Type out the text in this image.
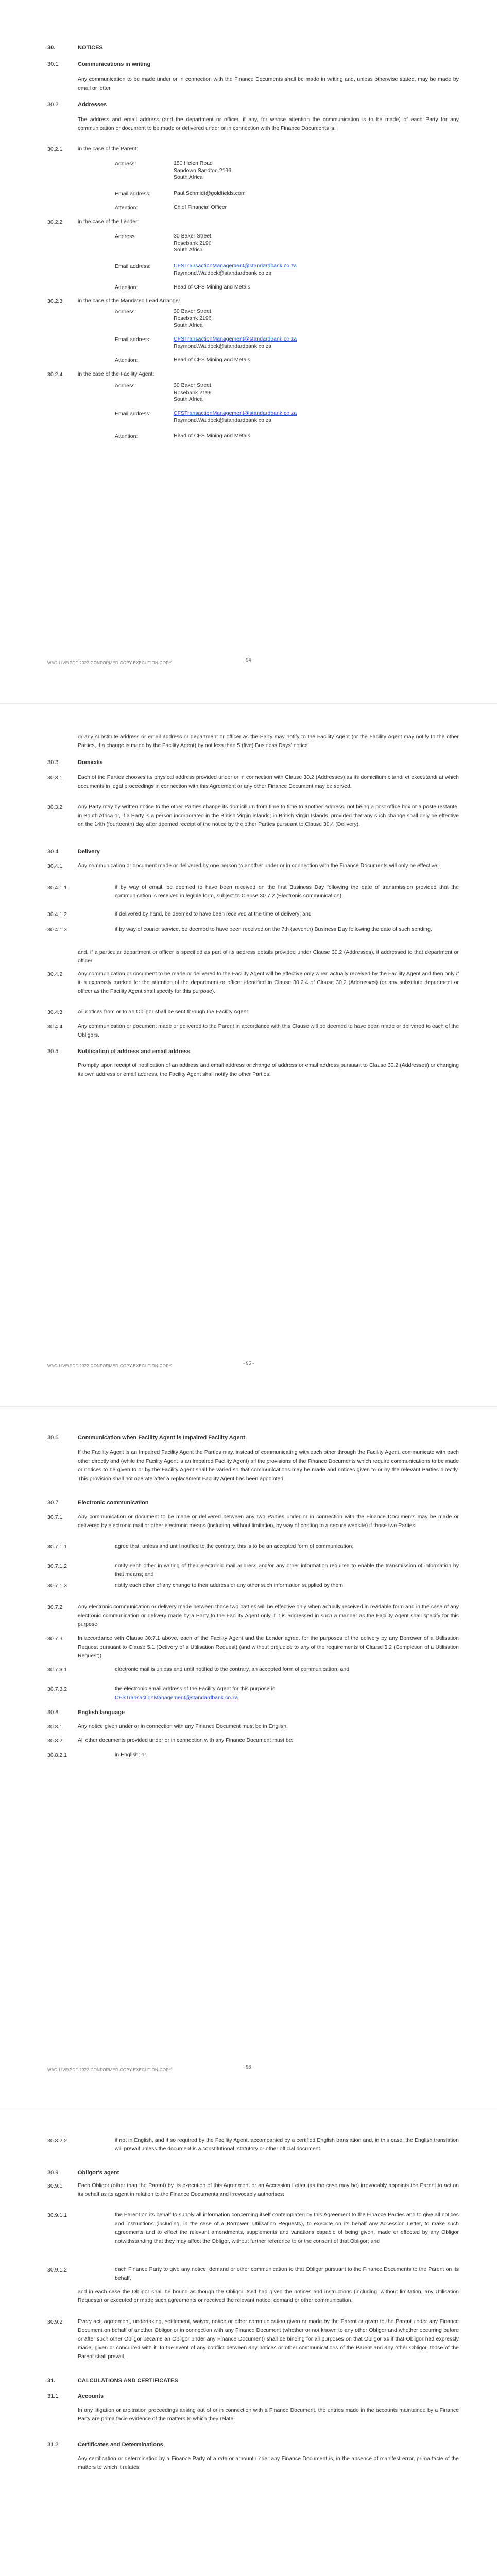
30.	NOTICES
30.1	Communications in writing
Any communication to be made under or in connection with the Finance Documents shall be made in writing and, unless otherwise stated, may be made by email or letter.
30.2	Addresses
The address and email address (and the department or officer, if any, for whose attention the communication is to be made) of each Party for any communication or document to be made or delivered under or in connection with the Finance Documents is:
30.2.1	in the case of the Parent:
Address:	150 Helen Road
Sandown Sandton 2196
South Africa
Email address:	Paul.Schmidt@goldfields.com
Attention:	Chief Financial Officer
30.2.2	in the case of the Lender:
Address:	30 Baker Street
Rosebank 2196
South Africa
Email address:	CFSTransactionManagement@standardbank.co.za
Raymond.Waldeck@standardbank.co.za
Attention:	Head of CFS Mining and Metals
30.2.3	in the case of the Mandated Lead Arranger:
Address:	30 Baker Street
Rosebank 2196
South Africa
Email address:	CFSTransactionManagement@standardbank.co.za
Raymond.Waldeck@standardbank.co.za
Attention:	Head of CFS Mining and Metals
30.2.4	in the case of the Facility Agent:
Address:	30 Baker Street
Rosebank 2196
South Africa
Email address:	CFSTransactionManagement@standardbank.co.za
Raymond.Waldeck@standardbank.co.za
Attention:	Head of CFS Mining and Metals
WAG-LIVE\PDF-2022-CONFORMED-COPY-EXECUTION-COPY
- 94 -
or any substitute address or email address or department or officer as the Party may notify to the Facility Agent (or the Facility Agent may notify to the other Parties, if a change is made by the Facility Agent) by not less than 5 (five) Business Days' notice.
30.3	Domicilia
30.3.1	Each of the Parties chooses its physical address provided under or in connection with Clause 30.2 (Addresses) as its domicilium citandi et executandi at which documents in legal proceedings in connection with this Agreement or any other Finance Document may be served.
30.3.2	Any Party may by written notice to the other Parties change its domicilium from time to time to another address, not being a post office box or a poste restante, in South Africa or, if a Party is a person incorporated in the British Virgin Islands, in British Virgin Islands, provided that any such change shall only be effective on the 14th (fourteenth) day after deemed receipt of the notice by the other Parties pursuant to Clause 30.4 (Delivery).
30.4	Delivery
30.4.1	Any communication or document made or delivered by one person to another under or in connection with the Finance Documents will only be effective:
30.4.1.1	if by way of email, be deemed to have been received on the first Business Day following the date of transmission provided that the communication is received in legible form, subject to Clause 30.7.2 (Electronic communication);
30.4.1.2	if delivered by hand, be deemed to have been received at the time of delivery; and
30.4.1.3	if by way of courier service, be deemed to have been received on the 7th (seventh) Business Day following the date of such sending,
and, if a particular department or officer is specified as part of its address details provided under Clause 30.2 (Addresses), if addressed to that department or officer.
30.4.2	Any communication or document to be made or delivered to the Facility Agent will be effective only when actually received by the Facility Agent and then only if it is expressly marked for the attention of the department or officer identified in Clause 30.2.4 of Clause 30.2 (Addresses) (or any substitute department or officer as the Facility Agent shall specify for this purpose).
30.4.3	All notices from or to an Obligor shall be sent through the Facility Agent.
30.4.4	Any communication or document made or delivered to the Parent in accordance with this Clause will be deemed to have been made or delivered to each of the Obligors.
30.5	Notification of address and email address
Promptly upon receipt of notification of an address and email address or change of address or email address pursuant to Clause 30.2 (Addresses) or changing its own address or email address, the Facility Agent shall notify the other Parties.
WAG-LIVE\PDF-2022-CONFORMED-COPY-EXECUTION-COPY
- 95 -
30.6	Communication when Facility Agent is Impaired Facility Agent
If the Facility Agent is an Impaired Facility Agent the Parties may, instead of communicating with each other through the Facility Agent, communicate with each other directly and (while the Facility Agent is an Impaired Facility Agent) all the provisions of the Finance Documents which require communications to be made or notices to be given to or by the Facility Agent shall be varied so that communications may be made and notices given to or by the relevant Parties directly. This provision shall not operate after a replacement Facility Agent has been appointed.
30.7	Electronic communication
30.7.1	Any communication or document to be made or delivered between any two Parties under or in connection with the Finance Documents may be made or delivered by electronic mail or other electronic means (including, without limitation, by way of posting to a secure website) if those two Parties:
30.7.1.1	agree that, unless and until notified to the contrary, this is to be an accepted form of communication;
30.7.1.2	notify each other in writing of their electronic mail address and/or any other information required to enable the transmission of information by that means; and
30.7.1.3	notify each other of any change to their address or any other such information supplied by them.
30.7.2	Any electronic communication or delivery made between those two parties will be effective only when actually received in readable form and in the case of any electronic communication or delivery made by a Party to the Facility Agent only if it is addressed in such a manner as the Facility Agent shall specify for this purpose.
30.7.3	In accordance with Clause 30.7.1 above, each of the Facility Agent and the Lender agree, for the purposes of the delivery by any Borrower of a Utilisation Request pursuant to Clause 5.1 (Delivery of a Utilisation Request) (and without prejudice to any of the requirements of Clause 5.2 (Completion of a Utilisation Request)):
30.7.3.1	electronic mail is unless and until notified to the contrary, an accepted form of communication; and
30.7.3.2	the electronic email address of the Facility Agent for this purpose is
CFSTransactionManagement@standardbank.co.za
30.8	English language
30.8.1	Any notice given under or in connection with any Finance Document must be in English.
30.8.2	All other documents provided under or in connection with any Finance Document must be:
30.8.2.1	in English; or
WAG-LIVE\PDF-2022-CONFORMED-COPY-EXECUTION-COPY
- 96 -
30.8.2.2	if not in English, and if so required by the Facility Agent, accompanied by a certified English translation and, in this case, the English translation will prevail unless the document is a constitutional, statutory or other official document.
30.9	Obligor's agent
30.9.1	Each Obligor (other than the Parent) by its execution of this Agreement or an Accession Letter (as the case may be) irrevocably appoints the Parent to act on its behalf as its agent in relation to the Finance Documents and irrevocably authorises:
30.9.1.1	the Parent on its behalf to supply all information concerning itself contemplated by this Agreement to the Finance Parties and to give all notices and instructions (including, in the case of a Borrower, Utilisation Requests), to execute on its behalf any Accession Letter, to make such agreements and to effect the relevant amendments, supplements and variations capable of being given, made or effected by any Obligor notwithstanding that they may affect the Obligor, without further reference to or the consent of that Obligor; and
30.9.1.2	each Finance Party to give any notice, demand or other communication to that Obligor pursuant to the Finance Documents to the Parent on its behalf,
and in each case the Obligor shall be bound as though the Obligor itself had given the notices and instructions (including, without limitation, any Utilisation Requests) or executed or made such agreements or received the relevant notice, demand or other communication.
30.9.2	Every act, agreement, undertaking, settlement, waiver, notice or other communication given or made by the Parent or given to the Parent under any Finance Document on behalf of another Obligor or in connection with any Finance Document (whether or not known to any other Obligor and whether occurring before or after such other Obligor became an Obligor under any Finance Document) shall be binding for all purposes on that Obligor as if that Obligor had expressly made, given or concurred with it. In the event of any conflict between any notices or other communications of the Parent and any other Obligor, those of the Parent shall prevail.
31.	CALCULATIONS AND CERTIFICATES
31.1	Accounts
In any litigation or arbitration proceedings arising out of or in connection with a Finance Document, the entries made in the accounts maintained by a Finance Party are prima facie evidence of the matters to which they relate.
31.2	Certificates and Determinations
Any certification or determination by a Finance Party of a rate or amount under any Finance Document is, in the absence of manifest error, prima facie of the matters to which it relates.
